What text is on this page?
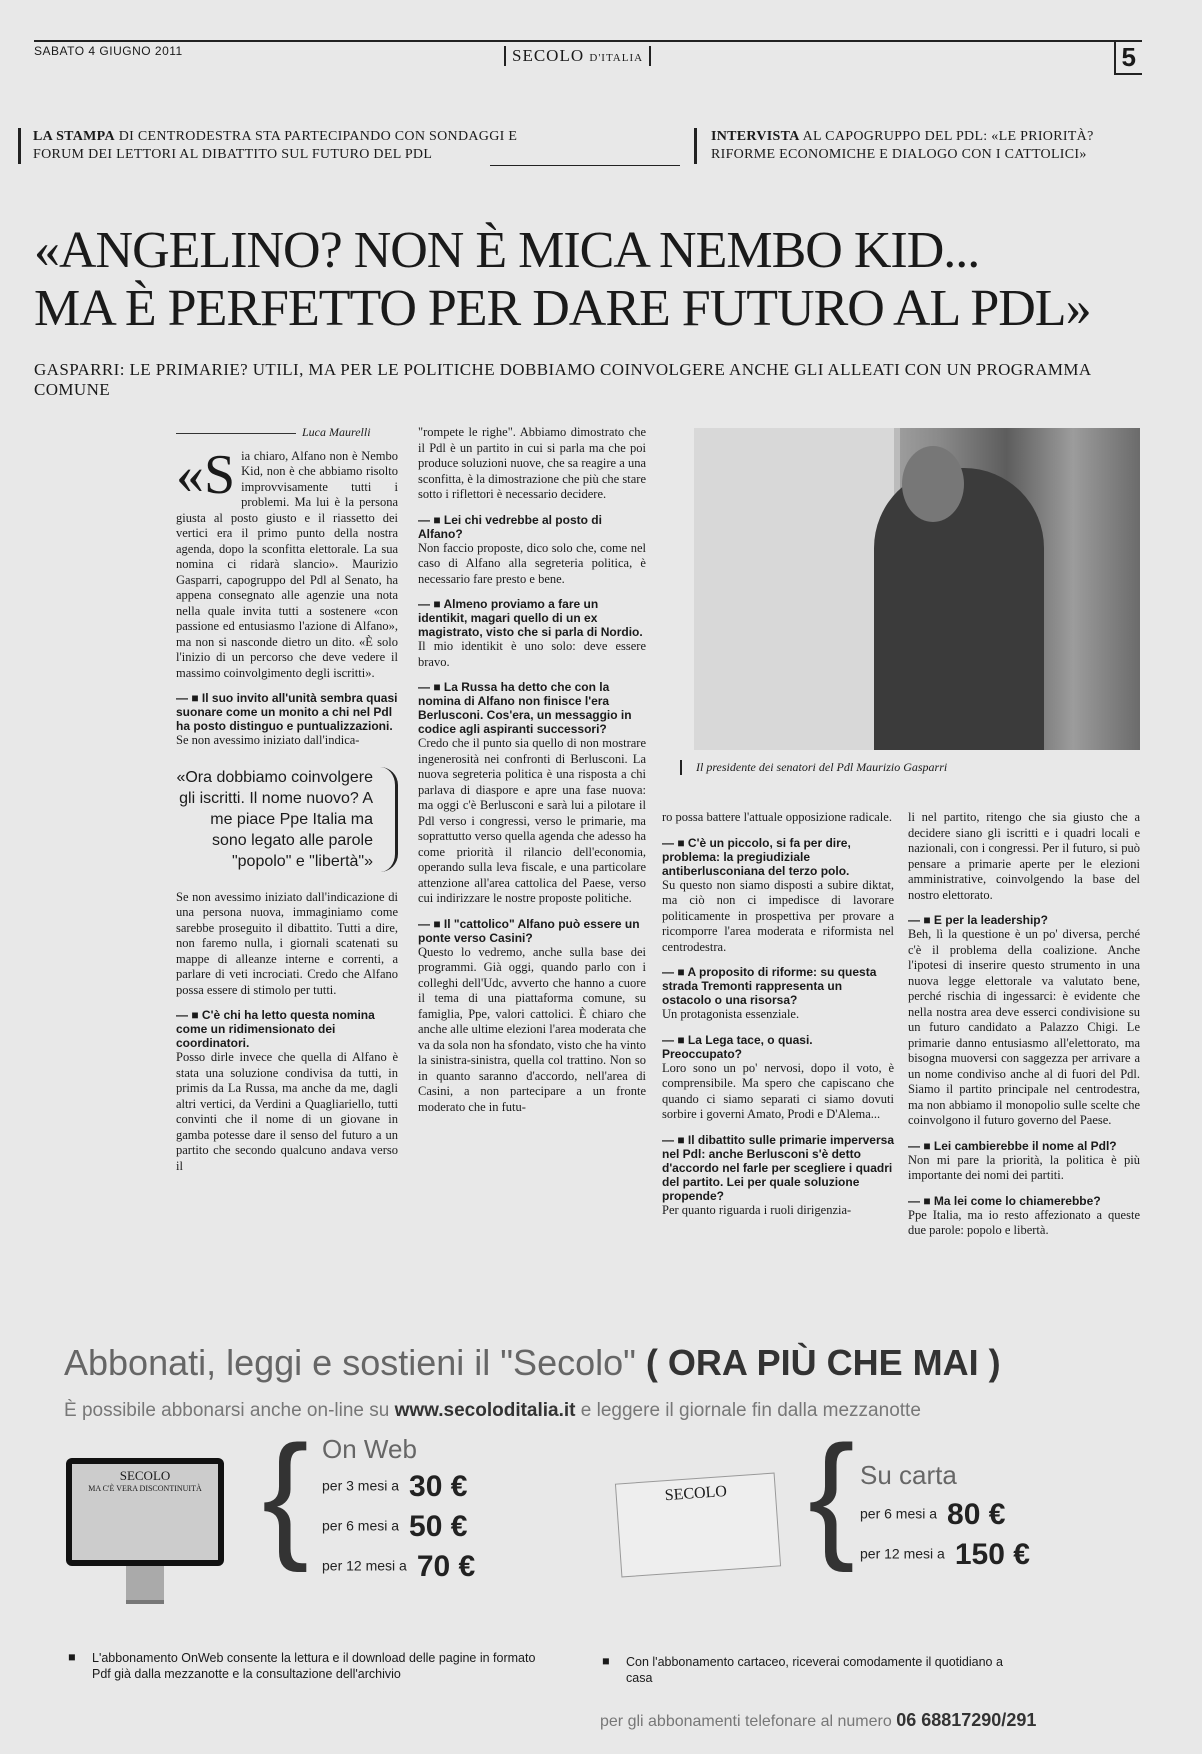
SABATO 4 GIUGNO 2011	SECOLO D'ITALIA	5
LA STAMPA DI CENTRODESTRA STA PARTECIPANDO CON SONDAGGI E FORUM DEI LETTORI AL DIBATTITO SUL FUTURO DEL PDL
INTERVISTA AL CAPOGRUPPO DEL PDL: «LE PRIORITÀ? RIFORME ECONOMICHE E DIALOGO CON I CATTOLICI»
«ANGELINO? NON È MICA NEMBO KID...
MA È PERFETTO PER DARE FUTURO AL PDL»
GASPARRI: LE PRIMARIE? UTILI, MA PER LE POLITICHE DOBBIAMO COINVOLGERE ANCHE GLI ALLEATI CON UN PROGRAMMA COMUNE
Luca Maurelli

«Sia chiaro, Alfano non è Nembo Kid, non è che abbiamo risolto improvvisamente tutti i problemi. Ma lui è la persona giusta al posto giusto e il riassetto dei vertici era il primo punto della nostra agenda, dopo la sconfitta elettorale. La sua nomina ci ridarà slancio». Maurizio Gasparri, capogruppo del Pdl al Senato, ha appena consegnato alle agenzie una nota nella quale invita tutti a sostenere «con passione ed entusiasmo l'azione di Alfano», ma non si nasconde dietro un dito. «È solo l'inizio di un percorso che deve vedere il massimo coinvolgimento degli iscritti».

— ■ Il suo invito all'unità sembra quasi suonare come un monito a chi nel Pdl ha posto distinguo e puntualizzazioni.

Se non avessimo iniziato dall'indica-

«Ora dobbiamo coinvolgere gli iscritti. Il nome nuovo? A me piace Ppe Italia ma sono legato alle parole "popolo" e "libertà"»

Se non avessimo iniziato dall'indicazione di una persona nuova, immaginiamo come sarebbe proseguito il dibattito. Tutti a dire, non faremo nulla, i giornali scatenati su mappe di alleanze interne e correnti, a parlare di veti incrociati. Credo che Alfano possa essere di stimolo per tutti.

— ■ C'è chi ha letto questa nomina come un ridimensionato dei coordinatori.

Posso dirle invece che quella di Alfano è stata una soluzione condivisa da tutti, in primis da La Russa, ma anche da me, dagli altri vertici, da Verdini a Quagliariello, tutti convinti che il nome di un giovane in gamba potesse dare il senso del futuro a un partito che secondo qualcuno andava verso il

"rompete le righe". Abbiamo dimostrato che il Pdl è un partito in cui si parla ma che poi produce soluzioni nuove, che sa reagire a una sconfitta, è la dimostrazione che più che stare sotto i riflettori è necessario decidere.

— ■ Lei chi vedrebbe al posto di Alfano?

Non faccio proposte, dico solo che, come nel caso di Alfano alla segreteria politica, è necessario fare presto e bene.

— ■ Almeno proviamo a fare un identikit, magari quello di un ex magistrato, visto che si parla di Nordio.

Il mio identikit è uno solo: deve essere bravo.

— ■ La Russa ha detto che con la nomina di Alfano non finisce l'era Berlusconi. Cos'era, un messaggio in codice agli aspiranti successori?

Credo che il punto sia quello di non mostrare ingenerosità nei confronti di Berlusconi. La nuova segreteria politica è una risposta a chi parlava di diaspore e apre una fase nuova: ma oggi c'è Berlusconi e sarà lui a pilotare il Pdl verso i congressi, verso le primarie, ma soprattutto verso quella agenda che adesso ha come priorità il rilancio dell'economia, operando sulla leva fiscale, e una particolare attenzione all'area cattolica del Paese, verso cui indirizzare le nostre proposte politiche.

— ■ Il "cattolico" Alfano può essere un ponte verso Casini?

Questo lo vedremo, anche sulla base dei programmi. Già oggi, quando parlo con i colleghi dell'Udc, avverto che hanno a cuore il tema di una piattaforma comune, su famiglia, Ppe, valori cattolici. È chiaro che anche alle ultime elezioni l'area moderata che va da sola non ha sfondato, visto che ha vinto la sinistra-sinistra, quella col trattino. Non so in quanto saranno d'accordo, nell'area di Casini, a non partecipare a un fronte moderato che in futu-

Il presidente dei senatori del Pdl Maurizio Gasparri

ro possa battere l'attuale opposizione radicale.

— ■ C'è un piccolo, si fa per dire, problema: la pregiudiziale antiberlusconiana del terzo polo.

Su questo non siamo disposti a subire diktat, ma ciò non ci impedisce di lavorare politicamente in prospettiva per provare a ricomporre l'area moderata e riformista nel centrodestra.

— ■ A proposito di riforme: su questa strada Tremonti rappresenta un ostacolo o una risorsa?

Un protagonista essenziale.

— ■ La Lega tace, o quasi. Preoccupato?

Loro sono un po' nervosi, dopo il voto, è comprensibile. Ma spero che capiscano che quando ci siamo separati ci siamo dovuti sorbire i governi Amato, Prodi e D'Alema...

— ■ Il dibattito sulle primarie imperversa nel Pdl: anche Berlusconi s'è detto d'accordo nel farle per scegliere i quadri del partito. Lei per quale soluzione propende?

Per quanto riguarda i ruoli dirigenzia-

li nel partito, ritengo che sia giusto che a decidere siano gli iscritti e i quadri locali e nazionali, con i congressi. Per il futuro, si può pensare a primarie aperte per le elezioni amministrative, coinvolgendo la base del nostro elettorato.

— ■ E per la leadership?

Beh, lì la questione è un po' diversa, perché c'è il problema della coalizione. Anche l'ipotesi di inserire questo strumento in una nuova legge elettorale va valutato bene, perché rischia di ingessarci: è evidente che nella nostra area deve esserci condivisione su un futuro candidato a Palazzo Chigi. Le primarie danno entusiasmo all'elettorato, ma bisogna muoversi con saggezza per arrivare a un nome condiviso anche al di fuori del Pdl. Siamo il partito principale nel centrodestra, ma non abbiamo il monopolio sulle scelte che coinvolgono il futuro governo del Paese.

— ■ Lei cambierebbe il nome al Pdl?

Non mi pare la priorità, la politica è più importante dei nomi dei partiti.

— ■ Ma lei come lo chiamerebbe?

Ppe Italia, ma io resto affezionato a queste due parole: popolo e libertà.

Abbonati, leggi e sostieni il "Secolo" ( ORA PIÙ CHE MAI )
È possibile abbonarsi anche on-line su www.secoloditalia.it e leggere il giornale fin dalla mezzanotte
SECOLO
MA C'È VERA DISCONTINUITÀ { On Web
per 3 mesi a 30 €
per 6 mesi a 50 €
per 12 mesi a 70 €
SECOLO { Su carta
per 6 mesi a 80 €
per 12 mesi a 150 €
■ L'abbonamento OnWeb consente la lettura e il download delle pagine in formato Pdf già dalla mezzanotte e la consultazione dell'archivio
■ Con l'abbonamento cartaceo, riceverai comodamente il quotidiano a casa
per gli abbonamenti telefonare al numero 06 68817290/291
